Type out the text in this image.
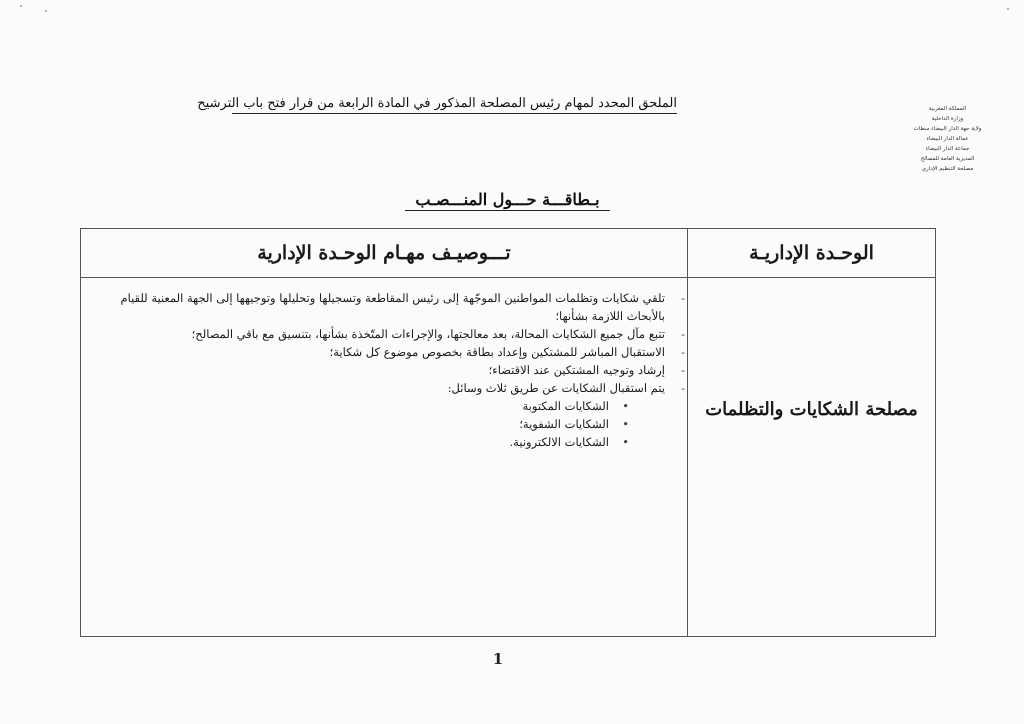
المملكة المغربية
وزارة الداخلية
ولاية جهة الدار البيضاء سطات
عمالة الدار البيضاء
جماعة الدار البيضاء
المديرية العامة للمصالح
مصلحة التنظيم الإداري
الملحق المحدد لمهام رئيس المصلحة المذكور في المادة الرابعة من قرار فتح باب الترشيح
بـطاقـــة حـــول المنـــصـب
الوحـدة الإداريـة
تـــوصيـف مهـام الوحـدة الإدارية
مصلحة الشكايات والتظلمات
-
تلقي شكايات وتظلمات المواطنين الموجّهة إلى رئيس المقاطعة وتسجيلها وتحليلها وتوجيهها إلى الجهة المعنية للقيام بالأبحاث اللازمة بشأنها؛
-
تتبع مآل جميع الشكايات المحالة، بعد معالجتها، والإجراءات المتّخذة بشأنها، بتنسيق مع باقي المصالح؛
-
الاستقبال المباشر للمشتكين وإعداد بطاقة بخصوص موضوع كل شكاية؛
-
إرشاد وتوجيه المشتكين عند الاقتضاء؛
-
يتم استقبال الشكايات عن طريق ثلاث وسائل:
•
الشكايات المكتوبة
•
الشكايات الشفوية؛
•
الشكايات الالكترونية.
1
